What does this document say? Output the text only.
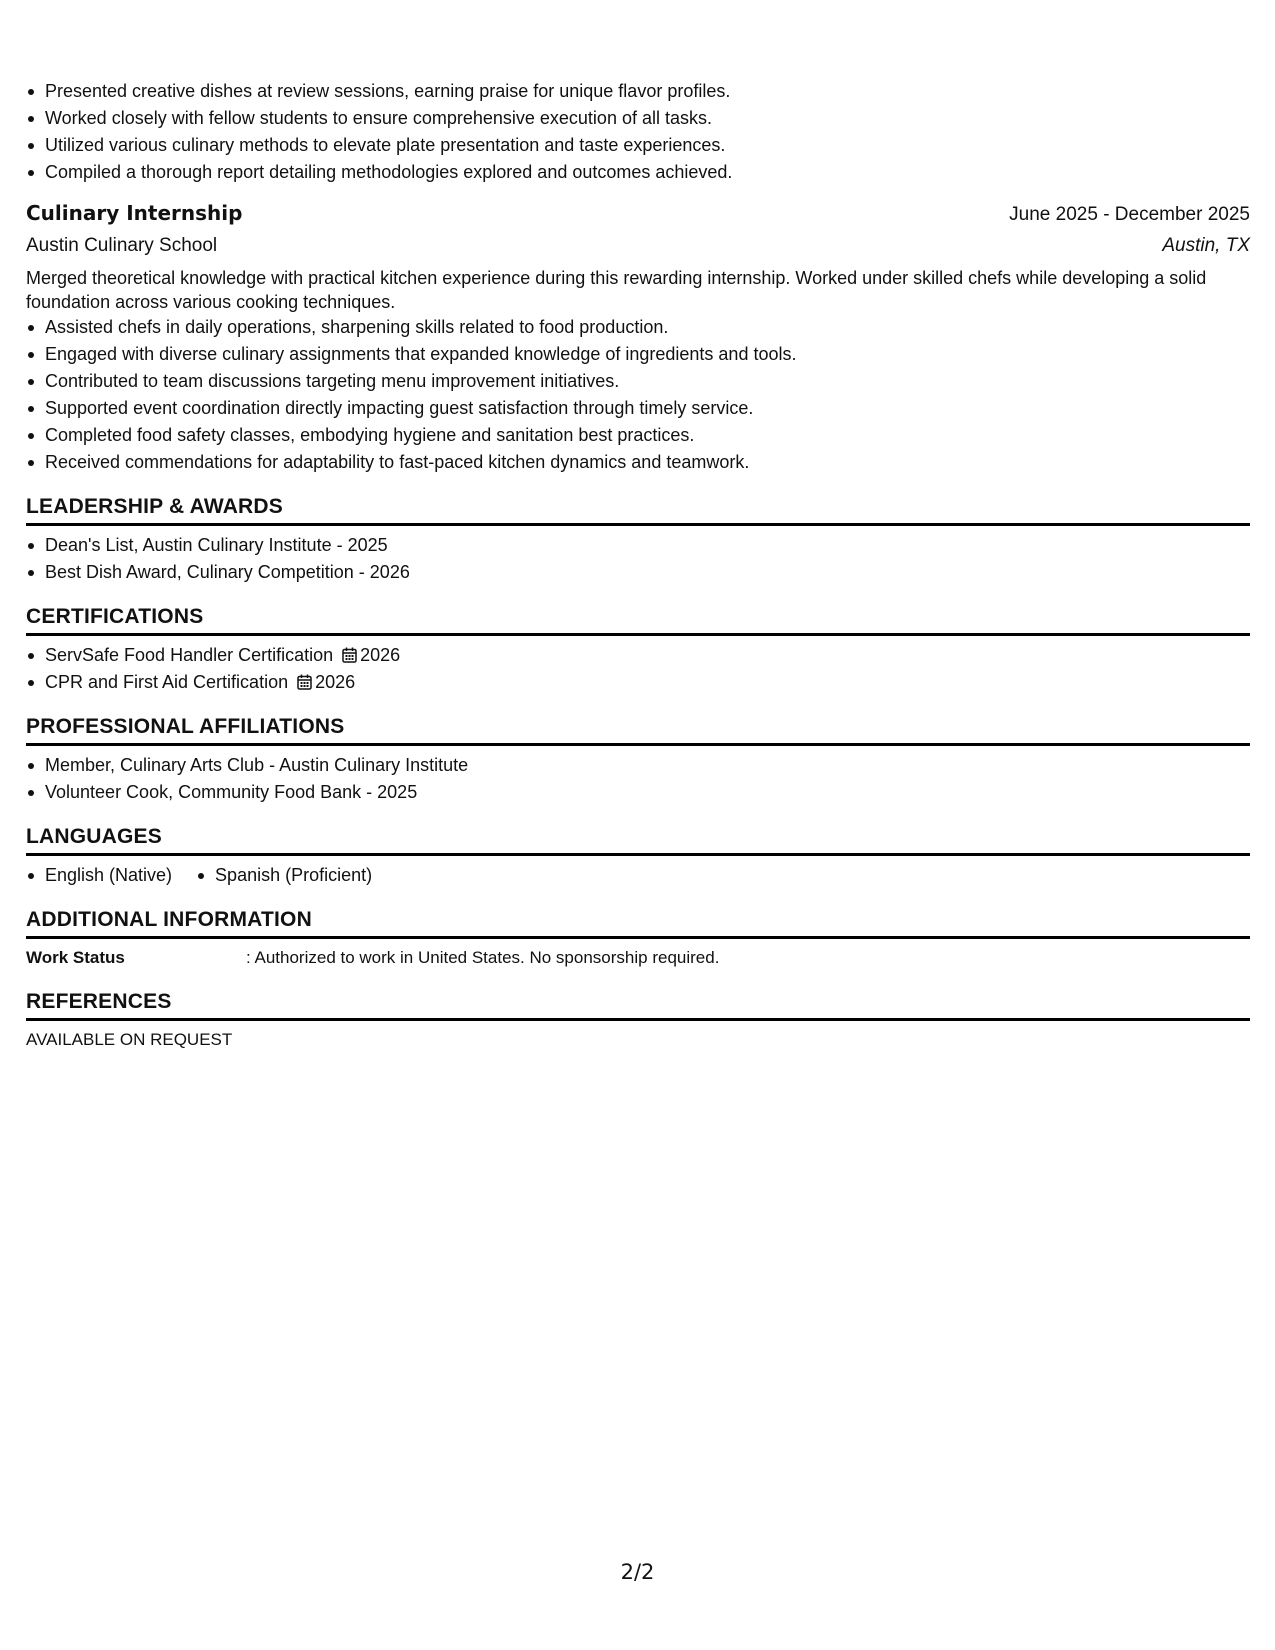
Presented creative dishes at review sessions, earning praise for unique flavor profiles.
Worked closely with fellow students to ensure comprehensive execution of all tasks.
Utilized various culinary methods to elevate plate presentation and taste experiences.
Compiled a thorough report detailing methodologies explored and outcomes achieved.
Culinary Internship	June 2025 - December 2025
Austin Culinary School	Austin, TX
Merged theoretical knowledge with practical kitchen experience during this rewarding internship. Worked under skilled chefs while developing a solid foundation across various cooking techniques.
Assisted chefs in daily operations, sharpening skills related to food production.
Engaged with diverse culinary assignments that expanded knowledge of ingredients and tools.
Contributed to team discussions targeting menu improvement initiatives.
Supported event coordination directly impacting guest satisfaction through timely service.
Completed food safety classes, embodying hygiene and sanitation best practices.
Received commendations for adaptability to fast-paced kitchen dynamics and teamwork.
LEADERSHIP & AWARDS
Dean's List, Austin Culinary Institute - 2025
Best Dish Award, Culinary Competition - 2026
CERTIFICATIONS
ServSafe Food Handler Certification 2026
CPR and First Aid Certification 2026
PROFESSIONAL AFFILIATIONS
Member, Culinary Arts Club - Austin Culinary Institute
Volunteer Cook, Community Food Bank - 2025
LANGUAGES
English (Native)	Spanish (Proficient)
ADDITIONAL INFORMATION
Work Status	: Authorized to work in United States. No sponsorship required.
REFERENCES
AVAILABLE ON REQUEST
2/2
